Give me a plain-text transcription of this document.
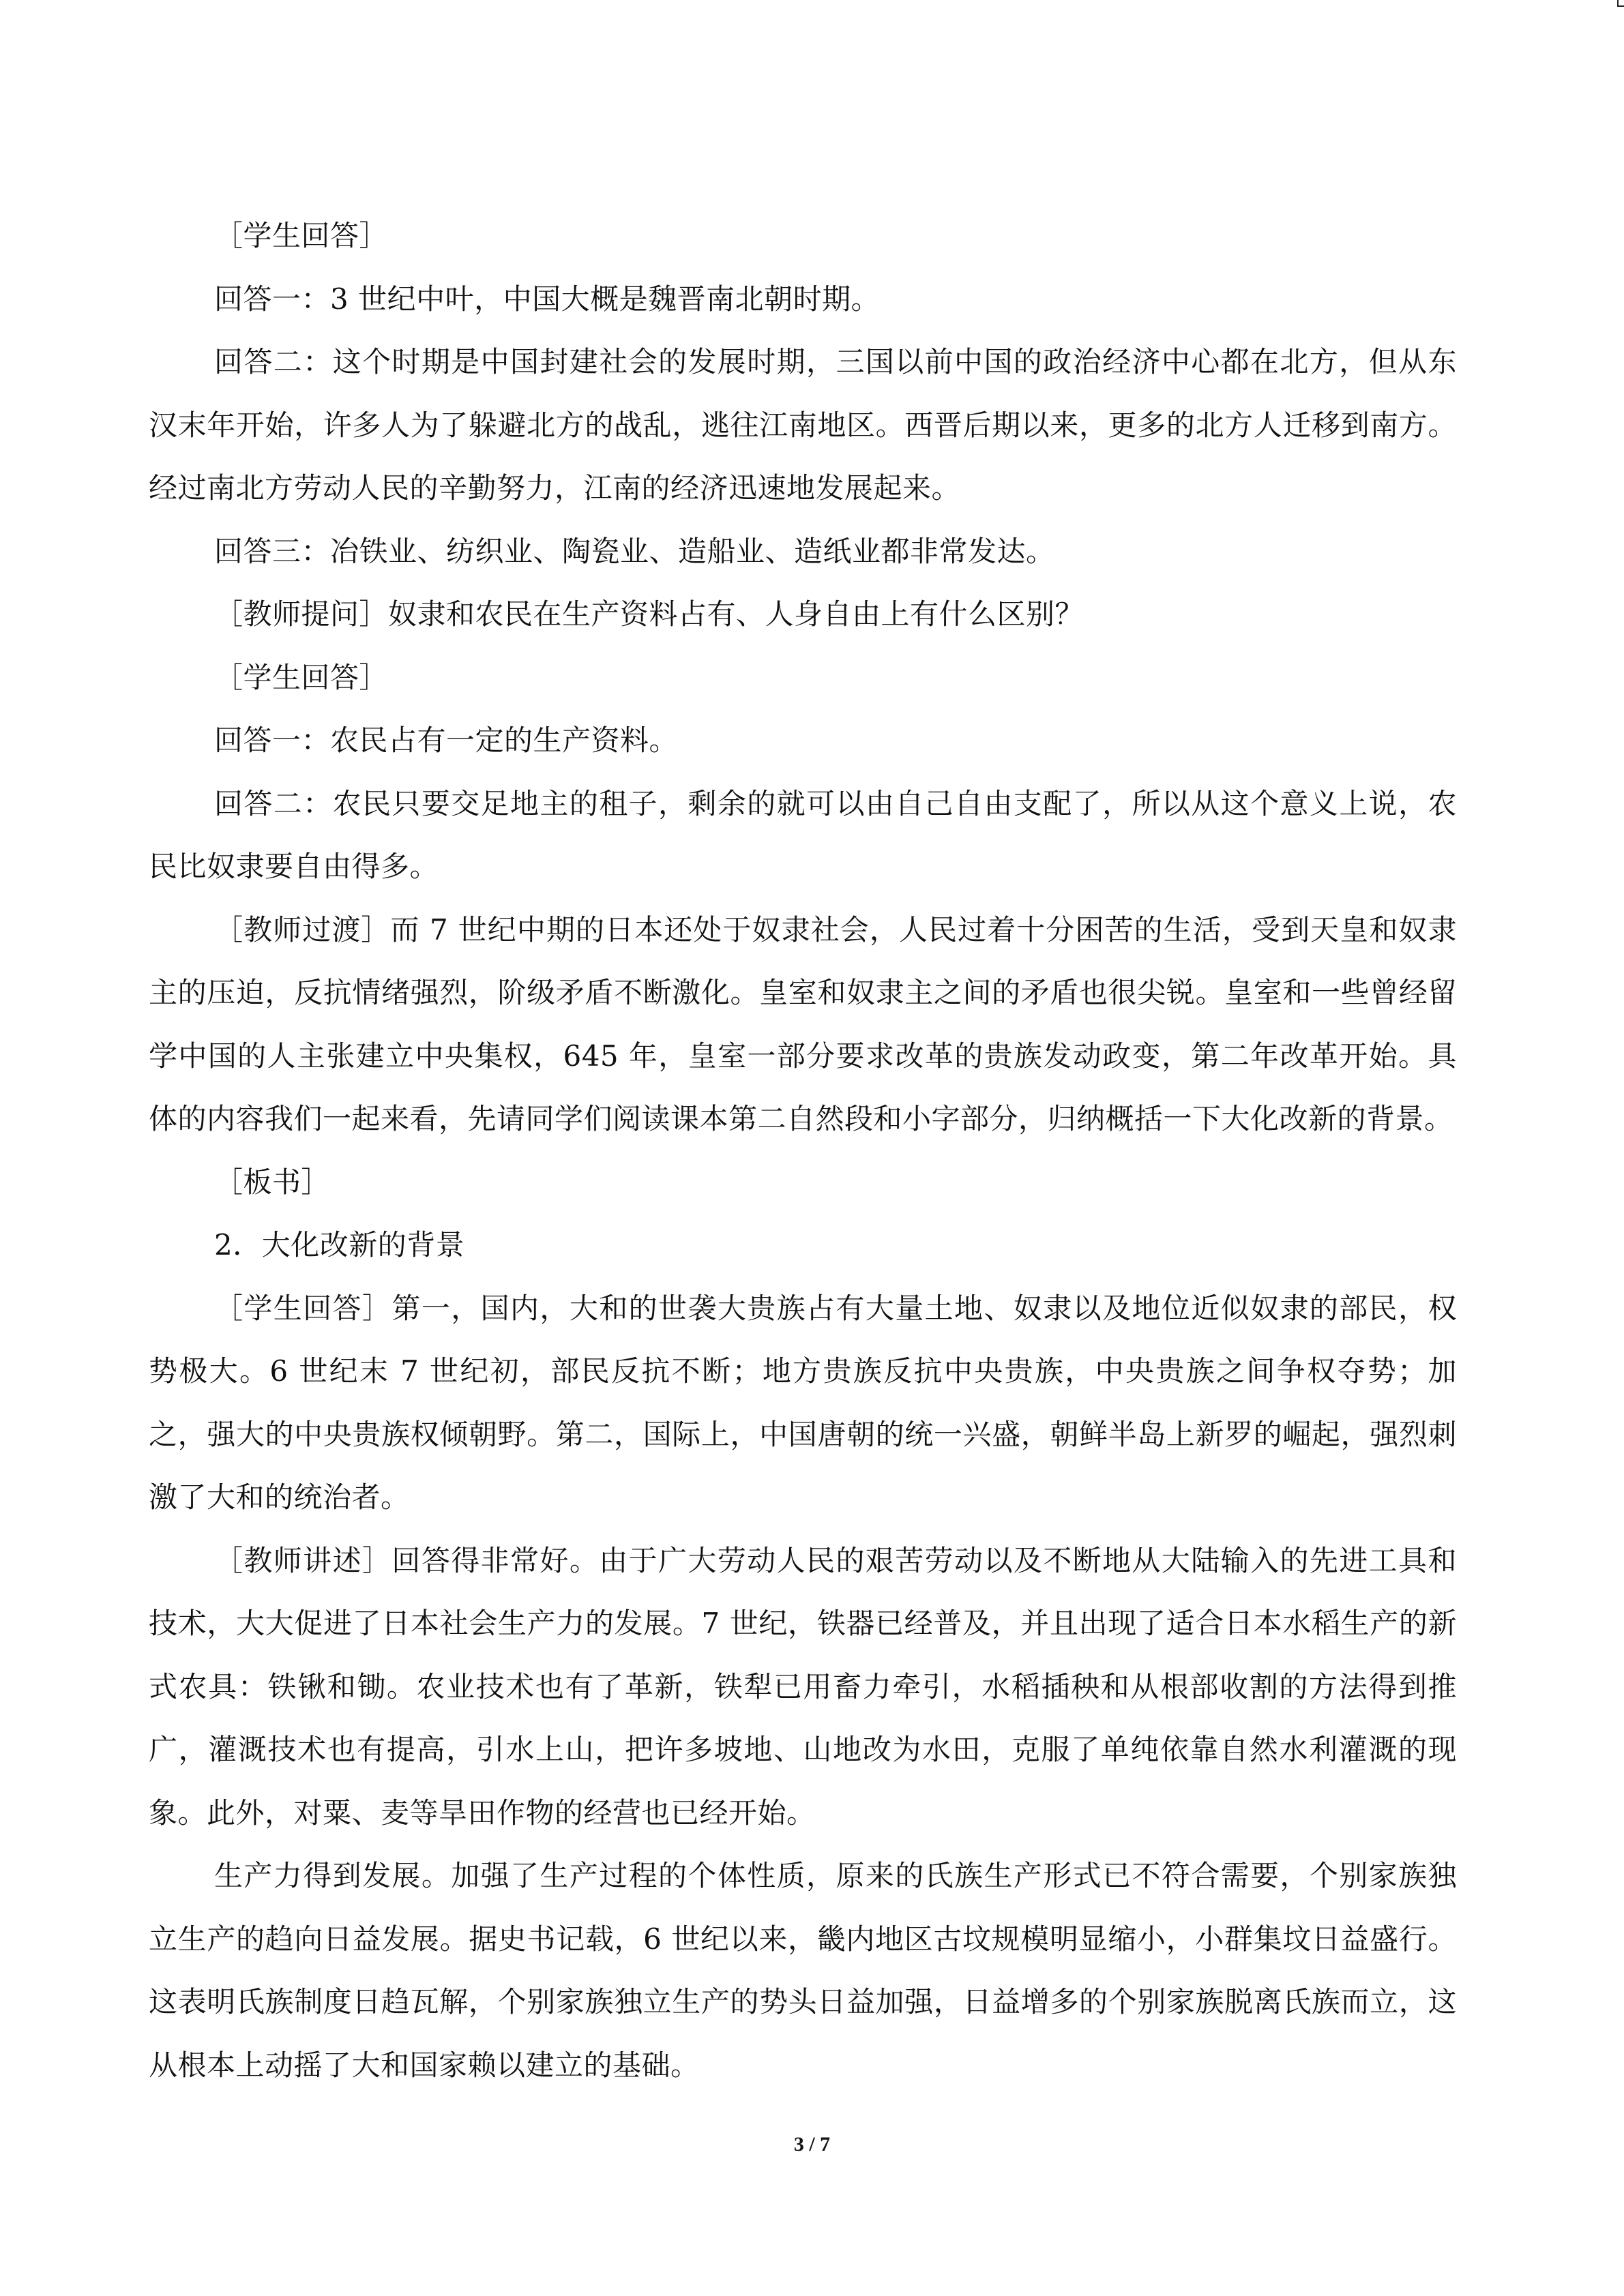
［学生回答］

回答一：3 世纪中叶，中国大概是魏晋南北朝时期。

回答二：这个时期是中国封建社会的发展时期，三国以前中国的政治经济中心都在北方，但从东汉末年开始，许多人为了躲避北方的战乱，逃往江南地区。西晋后期以来，更多的北方人迁移到南方。经过南北方劳动人民的辛勤努力，江南的经济迅速地发展起来。

回答三：冶铁业、纺织业、陶瓷业、造船业、造纸业都非常发达。

［教师提问］奴隶和农民在生产资料占有、人身自由上有什么区别？

［学生回答］

回答一：农民占有一定的生产资料。

回答二：农民只要交足地主的租子，剩余的就可以由自己自由支配了，所以从这个意义上说，农民比奴隶要自由得多。

［教师过渡］而 7 世纪中期的日本还处于奴隶社会，人民过着十分困苦的生活，受到天皇和奴隶主的压迫，反抗情绪强烈，阶级矛盾不断激化。皇室和奴隶主之间的矛盾也很尖锐。皇室和一些曾经留学中国的人主张建立中央集权，645 年，皇室一部分要求改革的贵族发动政变，第二年改革开始。具体的内容我们一起来看，先请同学们阅读课本第二自然段和小字部分，归纳概括一下大化改新的背景。

［板书］

2．大化改新的背景

［学生回答］第一，国内，大和的世袭大贵族占有大量土地、奴隶以及地位近似奴隶的部民，权势极大。6 世纪末 7 世纪初，部民反抗不断；地方贵族反抗中央贵族，中央贵族之间争权夺势；加之，强大的中央贵族权倾朝野。第二，国际上，中国唐朝的统一兴盛，朝鲜半岛上新罗的崛起，强烈刺激了大和的统治者。

［教师讲述］回答得非常好。由于广大劳动人民的艰苦劳动以及不断地从大陆输入的先进工具和技术，大大促进了日本社会生产力的发展。7 世纪，铁器已经普及，并且出现了适合日本水稻生产的新式农具：铁锹和锄。农业技术也有了革新，铁犁已用畜力牵引，水稻插秧和从根部收割的方法得到推广，灌溉技术也有提高，引水上山，把许多坡地、山地改为水田，克服了单纯依靠自然水利灌溉的现象。此外，对粟、麦等旱田作物的经营也已经开始。

生产力得到发展。加强了生产过程的个体性质，原来的氏族生产形式已不符合需要，个别家族独立生产的趋向日益发展。据史书记载，6 世纪以来，畿内地区古坟规模明显缩小，小群集坟日益盛行。这表明氏族制度日趋瓦解，个别家族独立生产的势头日益加强，日益增多的个别家族脱离氏族而立，这从根本上动摇了大和国家赖以建立的基础。

3 / 7
